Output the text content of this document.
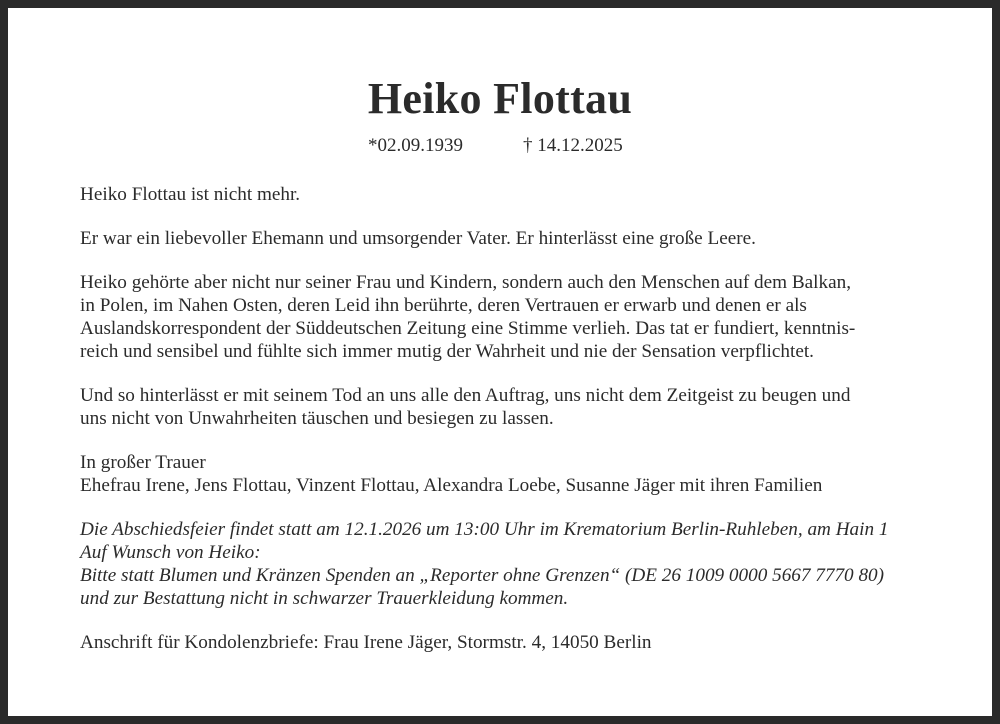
Heiko Flottau
*02.09.1939	† 14.12.2025
Heiko Flottau ist nicht mehr.
Er war ein liebevoller Ehemann und umsorgender Vater. Er hinterlässt eine große Leere.
Heiko gehörte aber nicht nur seiner Frau und Kindern, sondern auch den Menschen auf dem Balkan,
in Polen, im Nahen Osten, deren Leid ihn berührte, deren Vertrauen er erwarb und denen er als
Auslandskorrespondent der Süddeutschen Zeitung eine Stimme verlieh. Das tat er fundiert, kenntnis-
reich und sensibel und fühlte sich immer mutig der Wahrheit und nie der Sensation verpflichtet.
Und so hinterlässt er mit seinem Tod an uns alle den Auftrag, uns nicht dem Zeitgeist zu beugen und
uns nicht von Unwahrheiten täuschen und besiegen zu lassen.
In großer Trauer
Ehefrau Irene, Jens Flottau, Vinzent Flottau, Alexandra Loebe, Susanne Jäger mit ihren Familien
Die Abschiedsfeier findet statt am 12.1.2026 um 13:00 Uhr im Krematorium Berlin-Ruhleben, am Hain 1
Auf Wunsch von Heiko:
Bitte statt Blumen und Kränzen Spenden an „Reporter ohne Grenzen“ (DE 26 1009 0000 5667 7770 80)
und zur Bestattung nicht in schwarzer Trauerkleidung kommen.
Anschrift für Kondolenzbriefe: Frau Irene Jäger, Stormstr. 4, 14050 Berlin
